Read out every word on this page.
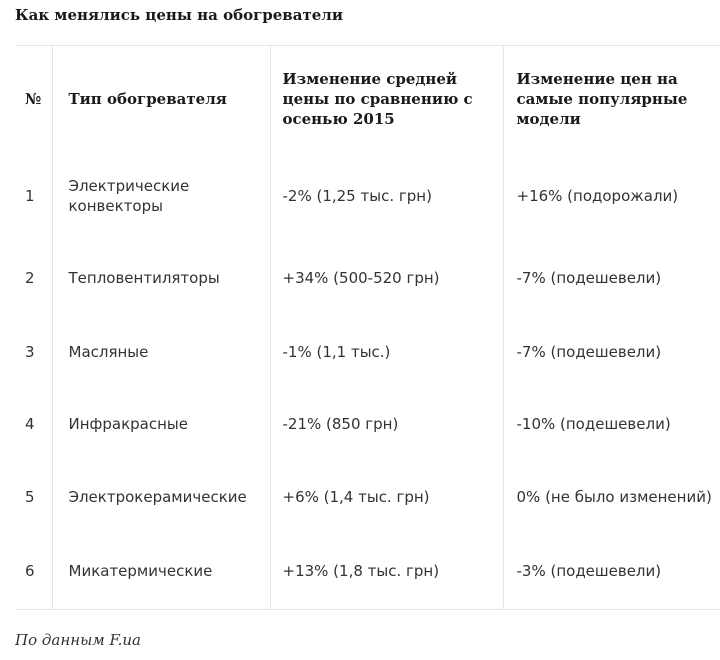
Как менялись цены на обогреватели
№	Тип обогревателя	Изменение средней цены по сравнению с осенью 2015	Изменение цен на самые популярные модели
1	Электрические конвекторы	-2% (1,25 тыс. грн)	+16% (подорожали)
2	Тепловентиляторы	+34% (500-520 грн)	-7% (подешевели)
3	Масляные	-1% (1,1 тыс.)	-7% (подешевели)
4	Инфракрасные	-21% (850 грн)	-10% (подешевели)
5	Электрокерамические	+6% (1,4 тыс. грн)	0% (не было изменений)
6	Микатермические	+13% (1,8 тыс. грн)	-3% (подешевели)
По данным F.ua
